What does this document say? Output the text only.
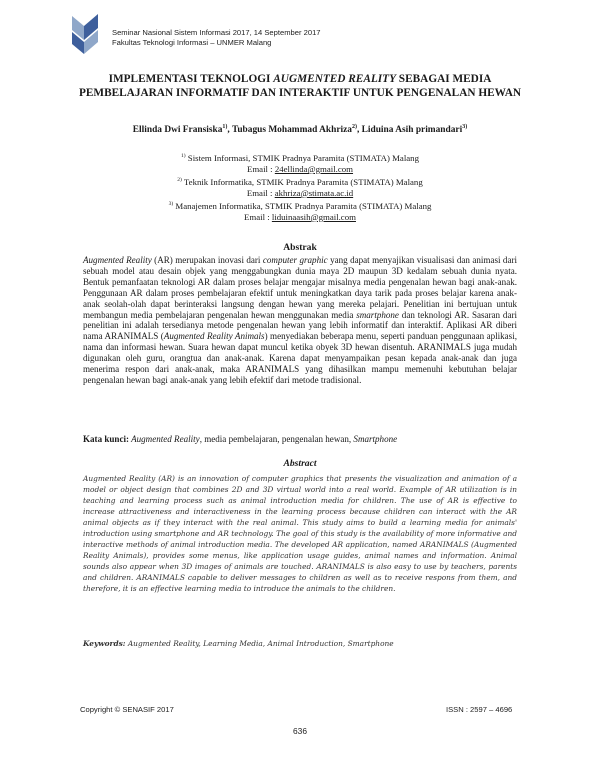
Seminar Nasional Sistem Informasi 2017, 14 September 2017
Fakultas Teknologi Informasi – UNMER Malang
IMPLEMENTASI TEKNOLOGI AUGMENTED REALITY SEBAGAI MEDIA PEMBELAJARAN INFORMATIF DAN INTERAKTIF UNTUK PENGENALAN HEWAN
Ellinda Dwi Fransiska$^{1)}$, Tubagus Mohammad Akhriza$^{2)}$, Liduina Asih primandari$^{3)}$
$^{1)}$ Sistem Informasi, STMIK Pradnya Paramita (STIMATA) Malang
Email : 24ellinda@gmail.com
$^{2)}$ Teknik Informatika, STMIK Pradnya Paramita (STIMATA) Malang
Email : akhriza@stimata.ac.id
$^{3)}$ Manajemen Informatika, STMIK Pradnya Paramita (STIMATA) Malang
Email : liduinaasih@gmail.com
Abstrak
Augmented Reality (AR) merupakan inovasi dari computer graphic yang dapat menyajikan visualisasi dan animasi dari sebuah model atau desain objek yang menggabungkan dunia maya 2D maupun 3D kedalam sebuah dunia nyata. Bentuk pemanfaatan teknologi AR dalam proses belajar mengajar misalnya media pengenalan hewan bagi anak-anak. Penggunaan AR dalam proses pembelajaran efektif untuk meningkatkan daya tarik pada proses belajar karena anak-anak seolah-olah dapat berinteraksi langsung dengan hewan yang mereka pelajari. Penelitian ini bertujuan untuk membangun media pembelajaran pengenalan hewan menggunakan media smartphone dan teknologi AR. Sasaran dari penelitian ini adalah tersedianya metode pengenalan hewan yang lebih informatif dan interaktif. Aplikasi AR diberi nama ARANIMALS (Augmented Reality Animals) menyediakan beberapa menu, seperti panduan penggunaan aplikasi, nama dan informasi hewan. Suara hewan dapat muncul ketika obyek 3D hewan disentuh. ARANIMALS juga mudah digunakan oleh guru, orangtua dan anak-anak. Karena dapat menyampaikan pesan kepada anak-anak dan juga menerima respon dari anak-anak, maka ARANIMALS yang dihasilkan mampu memenuhi kebutuhan belajar pengenalan hewan bagi anak-anak yang lebih efektif dari metode tradisional.
Kata kunci: Augmented Reality, media pembelajaran, pengenalan hewan, Smartphone
Abstract
Augmented Reality (AR) is an innovation of computer graphics that presents the visualization and animation of a model or object design that combines 2D and 3D virtual world into a real world. Example of AR utilization is in teaching and learning process such as animal introduction media for children. The use of AR is effective to increase attractiveness and interactiveness in the learning process because children can interact with the AR animal objects as if they interact with the real animal. This study aims to build a learning media for animals' introduction using smartphone and AR technology. The goal of this study is the availability of more informative and interactive methods of animal introduction media. The developed AR application, named ARANIMALS (Augmented Reality Animals), provides some menus, like application usage guides, animal names and information. Animal sounds also appear when 3D images of animals are touched. ARANIMALS is also easy to use by teachers, parents and children. ARANIMALS capable to deliver messages to children as well as to receive respons from them, and therefore, it is an effective learning media to introduce the animals to the children.
Keywords: Augmented Reality, Learning Media, Animal Introduction, Smartphone
Copyright © SENASIF 2017	ISSN : 2597 – 4696
636
